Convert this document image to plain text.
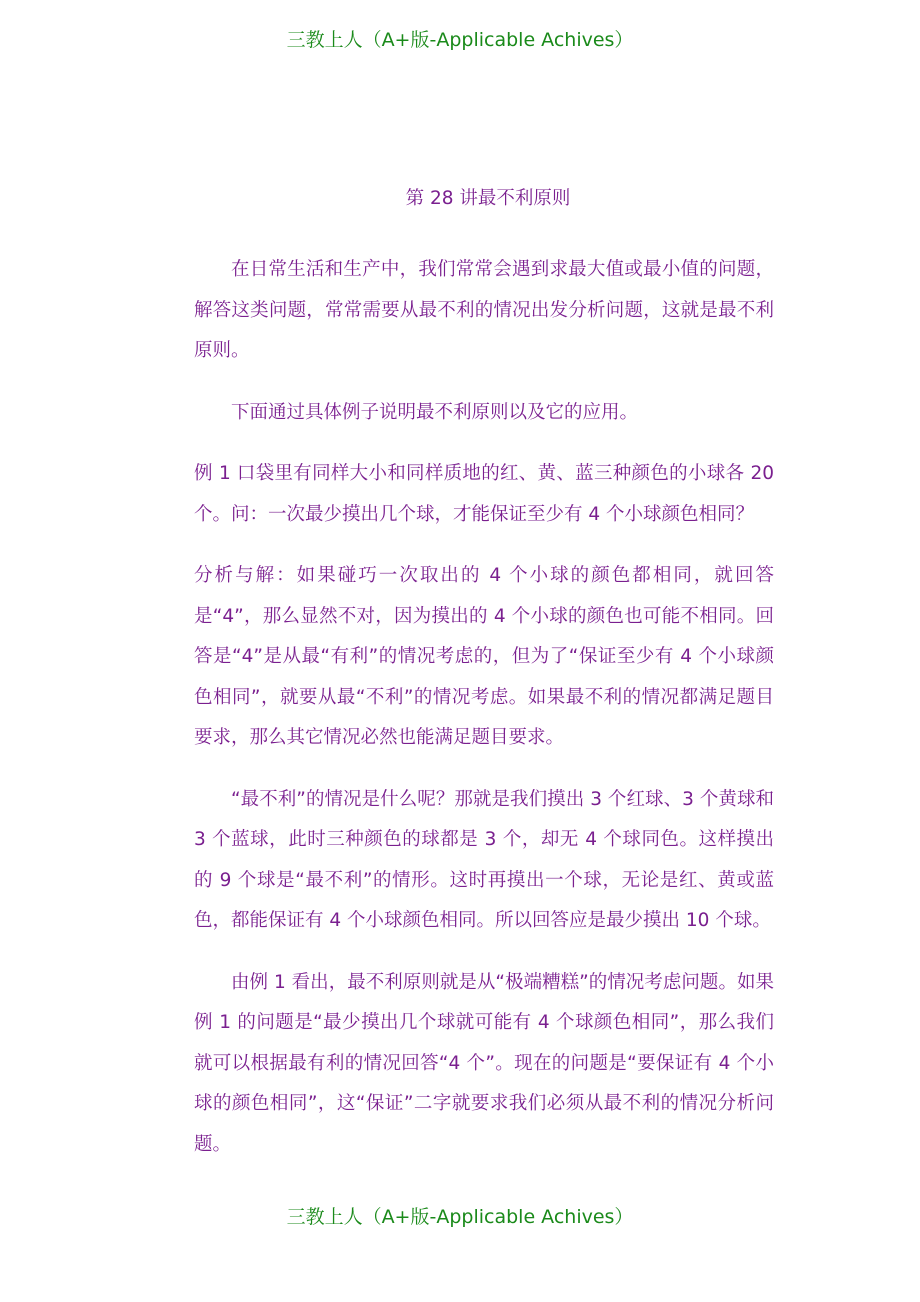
三教上人（A+版-Applicable Achives）
第 28 讲最不利原则

在日常生活和生产中，我们常常会遇到求最大值或最小值的问题，解答这类问题，常常需要从最不利的情况出发分析问题，这就是最不利原则。

下面通过具体例子说明最不利原则以及它的应用。

例 1 口袋里有同样大小和同样质地的红、黄、蓝三种颜色的小球各 20 个。问：一次最少摸出几个球，才能保证至少有 4 个小球颜色相同？

分析与解：如果碰巧一次取出的 4 个小球的颜色都相同，就回答是“4”，那么显然不对，因为摸出的 4 个小球的颜色也可能不相同。回答是“4”是从最“有利”的情况考虑的，但为了“保证至少有 4 个小球颜色相同”，就要从最“不利”的情况考虑。如果最不利的情况都满足题目要求，那么其它情况必然也能满足题目要求。

“最不利”的情况是什么呢？那就是我们摸出 3 个红球、3 个黄球和 3 个蓝球，此时三种颜色的球都是 3 个，却无 4 个球同色。这样摸出的 9 个球是“最不利”的情形。这时再摸出一个球，无论是红、黄或蓝色，都能保证有 4 个小球颜色相同。所以回答应是最少摸出 10 个球。

由例 1 看出，最不利原则就是从“极端糟糕”的情况考虑问题。如果例 1 的问题是“最少摸出几个球就可能有 4 个球颜色相同”，那么我们就可以根据最有利的情况回答“4 个”。现在的问题是“要保证有 4 个小球的颜色相同”，这“保证”二字就要求我们必须从最不利的情况分析问题。

三教上人（A+版-Applicable Achives）
